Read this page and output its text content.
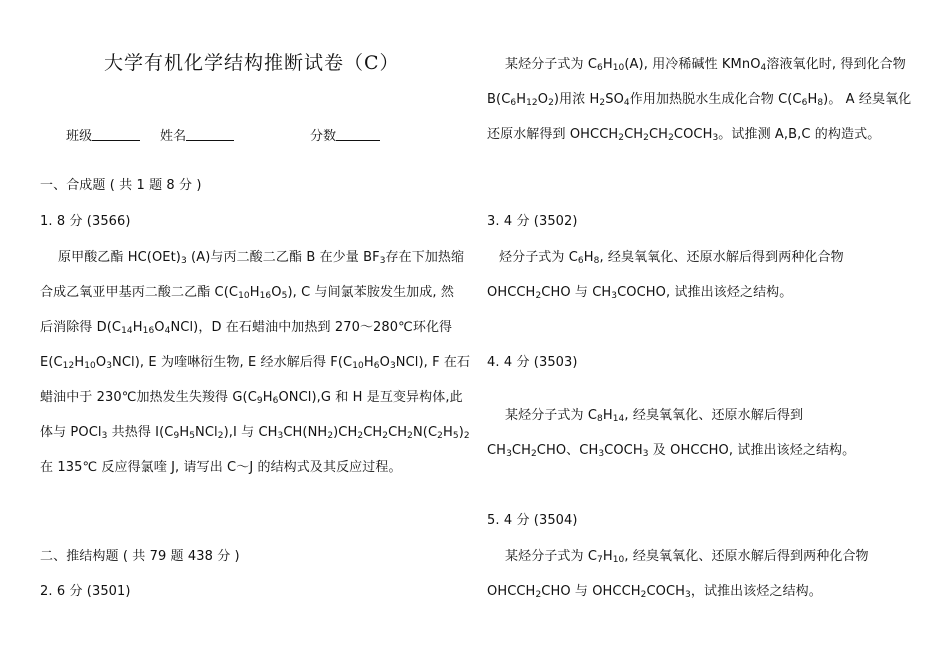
大学有机化学结构推断试卷（C）
班级	姓名	分数
一、合成题 ( 共 1 题 8 分 )
1. 8 分 (3566)
原甲酸乙酯 $HC(OEt)_3$ (A)与丙二酸二乙酯 B 在少量 $BF_3$存在下加热缩
合成乙氧亚甲基丙二酸二乙酯 $C(C_{10}H_{16}O_5)$, C 与间氯苯胺发生加成, 然
后消除得 $D(C_{14}H_{16}O_4NCl)$，D 在石蜡油中加热到 270～280℃环化得
$E(C_{12}H_{10}O_3NCl)$, E 为喹啉衍生物, E 经水解后得 $F(C_{10}H_6O_3NCl)$, F 在石
蜡油中于 230℃加热发生失羧得 $G(C_9H_6ONCl),G$ 和 H 是互变异构体,此
体与 POCl$_3$ 共热得 $I(C_9H_5NCl_2),I$ 与 $CH_3CH(NH_2)CH_2CH_2CH_2N(C_2H_5)_2$
在 135℃ 反应得氯喹 J, 请写出 C～J 的结构式及其反应过程。
二、推结构题 ( 共 79 题 438 分 )
2. 6 分 (3501)
某烃分子式为 $C_6H_{10}(A)$, 用冷稀碱性 KMnO$_4$溶液氧化时, 得到化合物
$B(C_6H_{12}O_2)$用浓 $H_2SO_4$作用加热脱水生成化合物 $C(C_6H_8)$。 A 经臭氧化
还原水解得到 $OHCCH_2CH_2CH_2COCH_3$。试推测 A,B,C 的构造式。
3. 4 分 (3502)
烃分子式为 $C_6H_8$, 经臭氧氧化、还原水解后得到两种化合物
$OHCCH_2CHO$ 与 $CH_3COCHO$, 试推出该烃之结构。
4. 4 分 (3503)
某烃分子式为 $C_8H_{14}$, 经臭氧氧化、还原水解后得到
$CH_3CH_2CHO$、$CH_3COCH_3$ 及 OHCCHO, 试推出该烃之结构。
5. 4 分 (3504)
某烃分子式为 $C_7H_{10}$, 经臭氧氧化、还原水解后得到两种化合物
$OHCCH_2CHO$ 与 $OHCCH_2COCH_3$，试推出该烃之结构。
